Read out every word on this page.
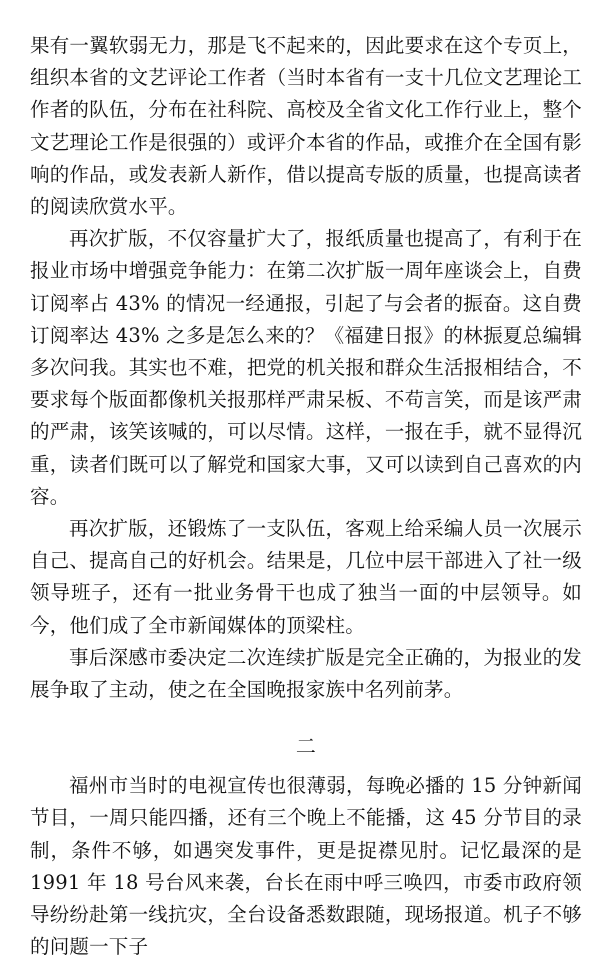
果有一翼软弱无力，那是飞不起来的，因此要求在这个专页上，组织本省的文艺评论工作者（当时本省有一支十几位文艺理论工作者的队伍，分布在社科院、高校及全省文化工作行业上，整个文艺理论工作是很强的）或评介本省的作品，或推介在全国有影响的作品，或发表新人新作，借以提高专版的质量，也提高读者的阅读欣赏水平。

再次扩版，不仅容量扩大了，报纸质量也提高了，有利于在报业市场中增强竞争能力：在第二次扩版一周年座谈会上，自费订阅率占 43% 的情况一经通报，引起了与会者的振奋。这自费订阅率达 43% 之多是怎么来的？《福建日报》的林振夏总编辑多次问我。其实也不难，把党的机关报和群众生活报相结合，不要求每个版面都像机关报那样严肃呆板、不苟言笑，而是该严肃的严肃，该笑该喊的，可以尽情。这样，一报在手，就不显得沉重，读者们既可以了解党和国家大事，又可以读到自己喜欢的内容。

再次扩版，还锻炼了一支队伍，客观上给采编人员一次展示自己、提高自己的好机会。结果是，几位中层干部进入了社一级领导班子，还有一批业务骨干也成了独当一面的中层领导。如今，他们成了全市新闻媒体的顶梁柱。

事后深感市委决定二次连续扩版是完全正确的，为报业的发展争取了主动，使之在全国晚报家族中名列前茅。

二

福州市当时的电视宣传也很薄弱，每晚必播的 15 分钟新闻节目，一周只能四播，还有三个晚上不能播，这 45 分节目的录制，条件不够，如遇突发事件，更是捉襟见肘。记忆最深的是 1991 年 18 号台风来袭，台长在雨中呼三唤四，市委市政府领导纷纷赴第一线抗灾，全台设备悉数跟随，现场报道。机子不够的问题一下子
